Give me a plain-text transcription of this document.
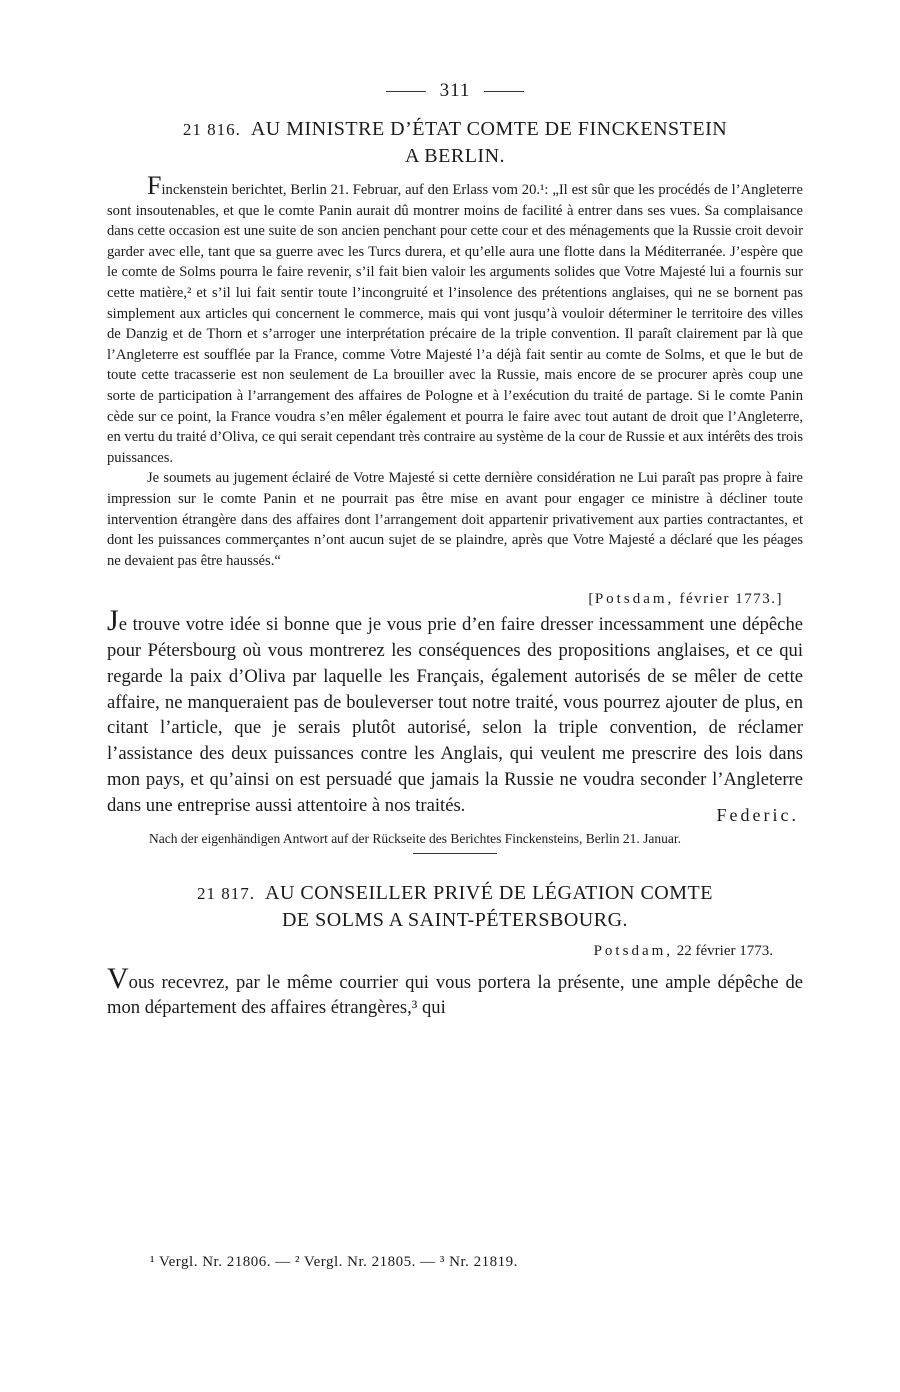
311
21 816. AU MINISTRE D’ÉTAT COMTE DE FINCKENSTEIN
A BERLIN.

Finckenstein berichtet, Berlin 21. Februar, auf den Erlass vom 20.¹: „Il est sûr que les procédés de l’Angleterre sont insoutenables, et que le comte Panin aurait dû montrer moins de facilité à entrer dans ses vues. Sa complaisance dans cette occasion est une suite de son ancien penchant pour cette cour et des ménagements que la Russie croit devoir garder avec elle, tant que sa guerre avec les Turcs durera, et qu’elle aura une flotte dans la Méditerranée. J’espère que le comte de Solms pourra le faire revenir, s’il fait bien valoir les arguments solides que Votre Majesté lui a fournis sur cette matière,² et s’il lui fait sentir toute l’incongruité et l’insolence des prétentions anglaises, qui ne se bornent pas simplement aux articles qui concernent le commerce, mais qui vont jusqu’à vouloir déterminer le territoire des villes de Danzig et de Thorn et s’arroger une interprétation précaire de la triple convention. Il paraît clairement par là que l’Angleterre est soufflée par la France, comme Votre Majesté l’a déjà fait sentir au comte de Solms, et que le but de toute cette tracasserie est non seulement de La brouiller avec la Russie, mais encore de se procurer après coup une sorte de participation à l’arrangement des affaires de Pologne et à l’exécution du traité de partage. Si le comte Panin cède sur ce point, la France voudra s’en mêler également et pourra le faire avec tout autant de droit que l’Angleterre, en vertu du traité d’Oliva, ce qui serait cependant très contraire au système de la cour de Russie et aux intérêts des trois puissances.

Je soumets au jugement éclairé de Votre Majesté si cette dernière considération ne Lui paraît pas propre à faire impression sur le comte Panin et ne pourrait pas être mise en avant pour engager ce ministre à décliner toute intervention étrangère dans des affaires dont l’arrangement doit appartenir privativement aux parties contractantes, et dont les puissances commerçantes n’ont aucun sujet de se plaindre, après que Votre Majesté a déclaré que les péages ne devaient pas être haussés.“

[Potsdam, février 1773.]

Je trouve votre idée si bonne que je vous prie d’en faire dresser incessamment une dépêche pour Pétersbourg où vous montrerez les conséquences des propositions anglaises, et ce qui regarde la paix d’Oliva par laquelle les Français, également autorisés de se mêler de cette affaire, ne manqueraient pas de bouleverser tout notre traité, vous pourrez ajouter de plus, en citant l’article, que je serais plutôt autorisé, selon la triple convention, de réclamer l’assistance des deux puissances contre les Anglais, qui veulent me prescrire des lois dans mon pays, et qu’ainsi on est persuadé que jamais la Russie ne voudra seconder l’Angleterre dans une entreprise aussi attentoire à nos traités.	Federic.

Nach der eigenhändigen Antwort auf der Rückseite des Berichtes Finckensteins, Berlin 21. Januar.

21 817. AU CONSEILLER PRIVÉ DE LÉGATION COMTE
DE SOLMS A SAINT-PÉTERSBOURG.
Potsdam, 22 février 1773.

Vous recevrez, par le même courrier qui vous portera la présente, une ample dépêche de mon département des affaires étrangères,³ qui

¹ Vergl. Nr. 21806. — ² Vergl. Nr. 21805. — ³ Nr. 21819.
